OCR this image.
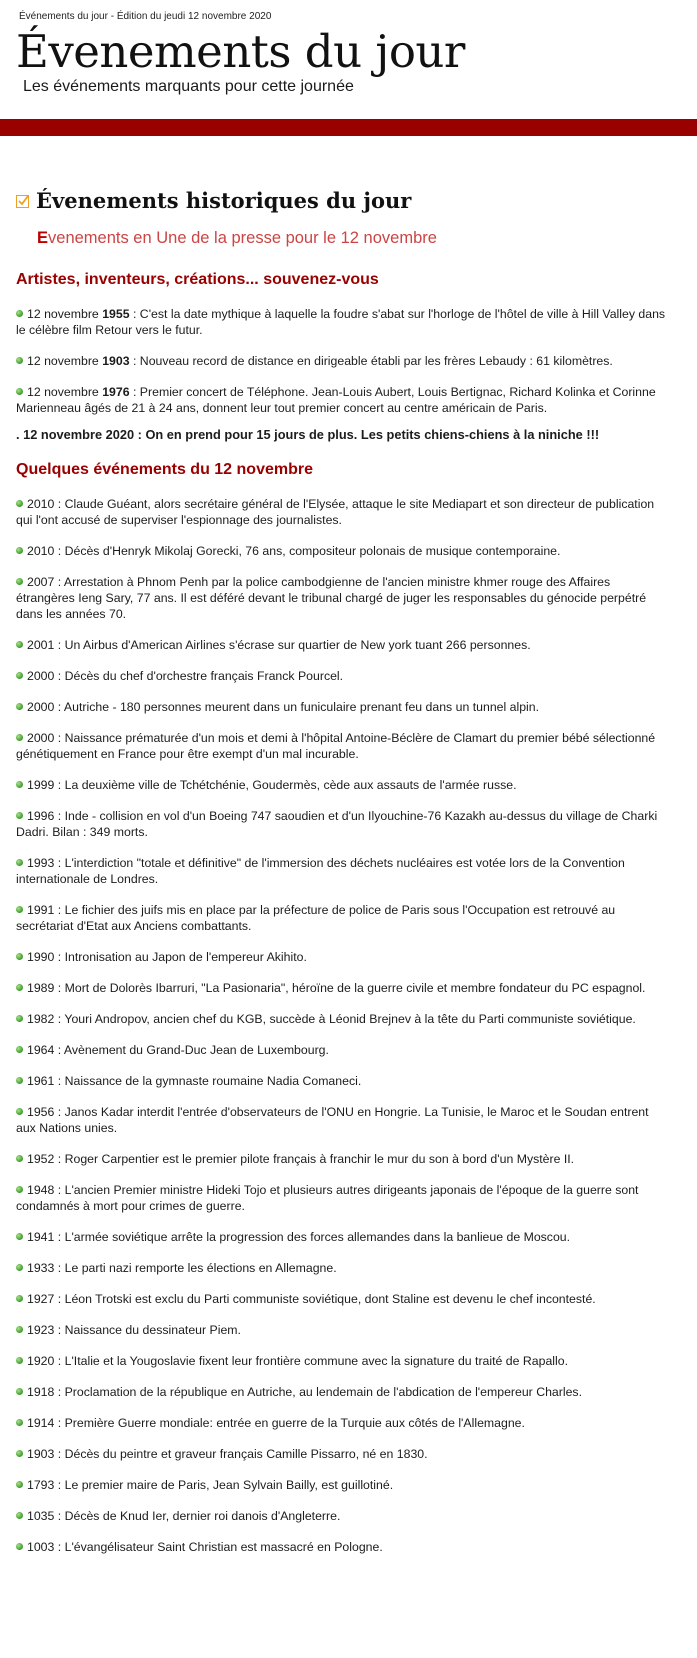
Événements du jour - Édition du jeudi 12 novembre 2020
Évenements du jour
Les événements marquants pour cette journée
Évenements historiques du jour
Evenements en Une de la presse pour le 12 novembre
Artistes, inventeurs, créations... souvenez-vous
12 novembre 1955 : C'est la date mythique à laquelle la foudre s'abat sur l'horloge de l'hôtel de ville à Hill Valley dans le célèbre film Retour vers le futur.
12 novembre 1903 : Nouveau record de distance en dirigeable établi par les frères Lebaudy : 61 kilomètres.
12 novembre 1976 : Premier concert de Téléphone. Jean-Louis Aubert, Louis Bertignac, Richard Kolinka et Corinne Marienneau âgés de 21 à 24 ans, donnent leur tout premier concert au centre américain de Paris.
. 12 novembre 2020 : On en prend pour 15 jours de plus. Les petits chiens-chiens à la niniche !!!
Quelques événements du 12 novembre
2010 : Claude Guéant, alors secrétaire général de l'Elysée, attaque le site Mediapart et son directeur de publication qui l'ont accusé de superviser l'espionnage des journalistes.
2010 : Décès d'Henryk Mikolaj Gorecki, 76 ans, compositeur polonais de musique contemporaine.
2007 : Arrestation à Phnom Penh par la police cambodgienne de l'ancien ministre khmer rouge des Affaires étrangères Ieng Sary, 77 ans. Il est déféré devant le tribunal chargé de juger les responsables du génocide perpétré dans les années 70.
2001 : Un Airbus d'American Airlines s'écrase sur quartier de New york tuant 266 personnes.
2000 : Décès du chef d'orchestre français Franck Pourcel.
2000 : Autriche - 180 personnes meurent dans un funiculaire prenant feu dans un tunnel alpin.
2000 : Naissance prématurée d'un mois et demi à l'hôpital Antoine-Béclère de Clamart du premier bébé sélectionné génétiquement en France pour être exempt d'un mal incurable.
1999 : La deuxième ville de Tchétchénie, Goudermès, cède aux assauts de l'armée russe.
1996 : Inde - collision en vol d'un Boeing 747 saoudien et d'un Ilyouchine-76 Kazakh au-dessus du village de Charki Dadri. Bilan : 349 morts.
1993 : L'interdiction "totale et définitive" de l'immersion des déchets nucléaires est votée lors de la Convention internationale de Londres.
1991 : Le fichier des juifs mis en place par la préfecture de police de Paris sous l'Occupation est retrouvé au secrétariat d'Etat aux Anciens combattants.
1990 : Intronisation au Japon de l'empereur Akihito.
1989 : Mort de Dolorès Ibarruri, "La Pasionaria", héroïne de la guerre civile et membre fondateur du PC espagnol.
1982 : Youri Andropov, ancien chef du KGB, succède à Léonid Brejnev à la tête du Parti communiste soviétique.
1964 : Avènement du Grand-Duc Jean de Luxembourg.
1961 : Naissance de la gymnaste roumaine Nadia Comaneci.
1956 : Janos Kadar interdit l'entrée d'observateurs de l'ONU en Hongrie. La Tunisie, le Maroc et le Soudan entrent aux Nations unies.
1952 : Roger Carpentier est le premier pilote français à franchir le mur du son à bord d'un Mystère II.
1948 : L'ancien Premier ministre Hideki Tojo et plusieurs autres dirigeants japonais de l'époque de la guerre sont condamnés à mort pour crimes de guerre.
1941 : L'armée soviétique arrête la progression des forces allemandes dans la banlieue de Moscou.
1933 : Le parti nazi remporte les élections en Allemagne.
1927 : Léon Trotski est exclu du Parti communiste soviétique, dont Staline est devenu le chef incontesté.
1923 : Naissance du dessinateur Piem.
1920 : L'Italie et la Yougoslavie fixent leur frontière commune avec la signature du traité de Rapallo.
1918 : Proclamation de la république en Autriche, au lendemain de l'abdication de l'empereur Charles.
1914 : Première Guerre mondiale: entrée en guerre de la Turquie aux côtés de l'Allemagne.
1903 : Décès du peintre et graveur français Camille Pissarro, né en 1830.
1793 : Le premier maire de Paris, Jean Sylvain Bailly, est guillotiné.
1035 : Décès de Knud Ier, dernier roi danois d'Angleterre.
1003 : L'évangélisateur Saint Christian est massacré en Pologne.
